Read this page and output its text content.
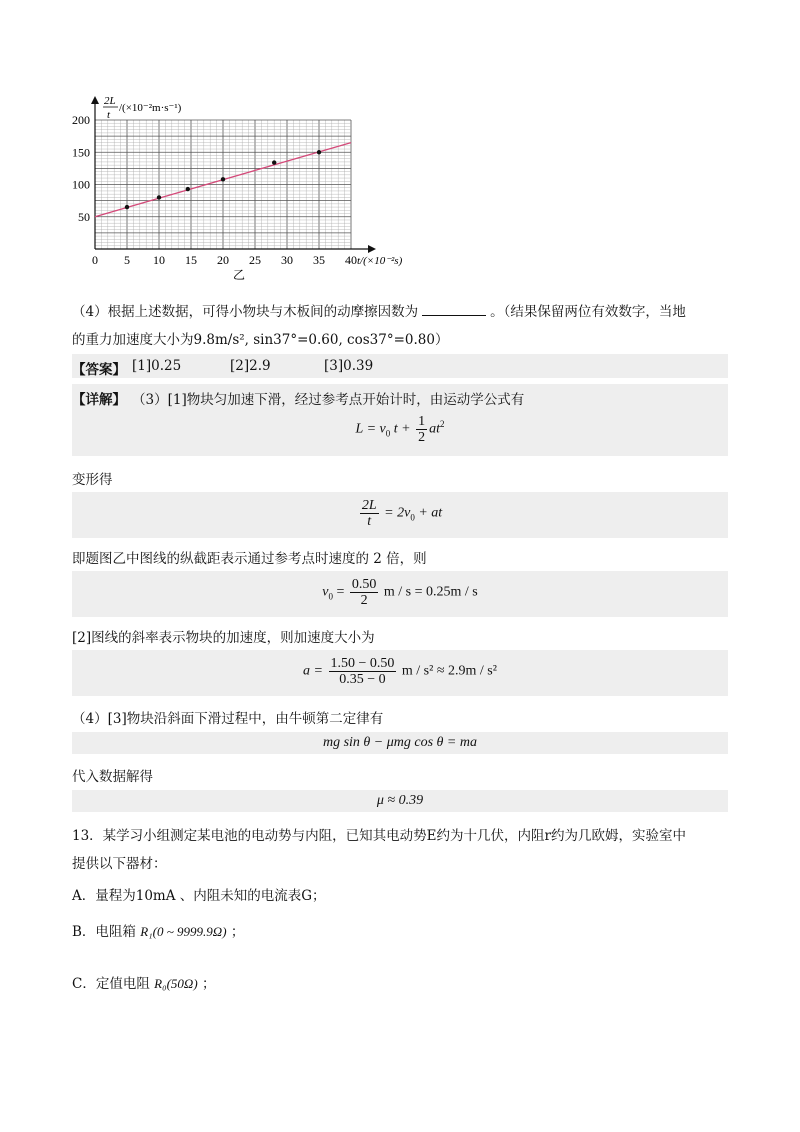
0 5 10 15 20 25 30 35 40
50
100
150
200
2L
t
/(×10⁻²m·s⁻¹)
t/(×10⁻²s)
乙
（4）根据上述数据，可得小物块与木板间的动摩擦因数为	。（结果保留两位有效数字，当地
的重力加速度大小为9.8m/s², sin37°=0.60, cos37°=0.80）
【答案】 [1]0.25	[2]2.9	[3]0.39
【详解】 （3）[1]物块匀加速下滑，经过参考点开始计时，由运动学公式有
$L = v_0$ $t + \frac{1}{2} at^2$
变形得
$\frac{2L}{t} = 2v_0$ + at
即题图乙中图线的纵截距表示通过参考点时速度的 2 倍，则
$v_0 = \frac{0.50}{2}$ m / s = 0.25m / s
[2]图线的斜率表示物块的加速度，则加速度大小为
$a = \frac{1.50 - 0.50}{0.35 - 0}$ m / s² ≈ 2.9m / s²
（4）[3]物块沿斜面下滑过程中，由牛顿第二定律有
mg sin θ − μmg cos θ = ma
代入数据解得
μ ≈ 0.39
13．某学习小组测定某电池的电动势与内阻，已知其电动势E约为十几伏，内阻r约为几欧姆，实验室中
提供以下器材：
A．量程为10mA 、内阻未知的电流表G；
B．电阻箱 R₁(0 ~ 9999.9Ω) ；
C．定值电阻 R₀(50Ω) ；
